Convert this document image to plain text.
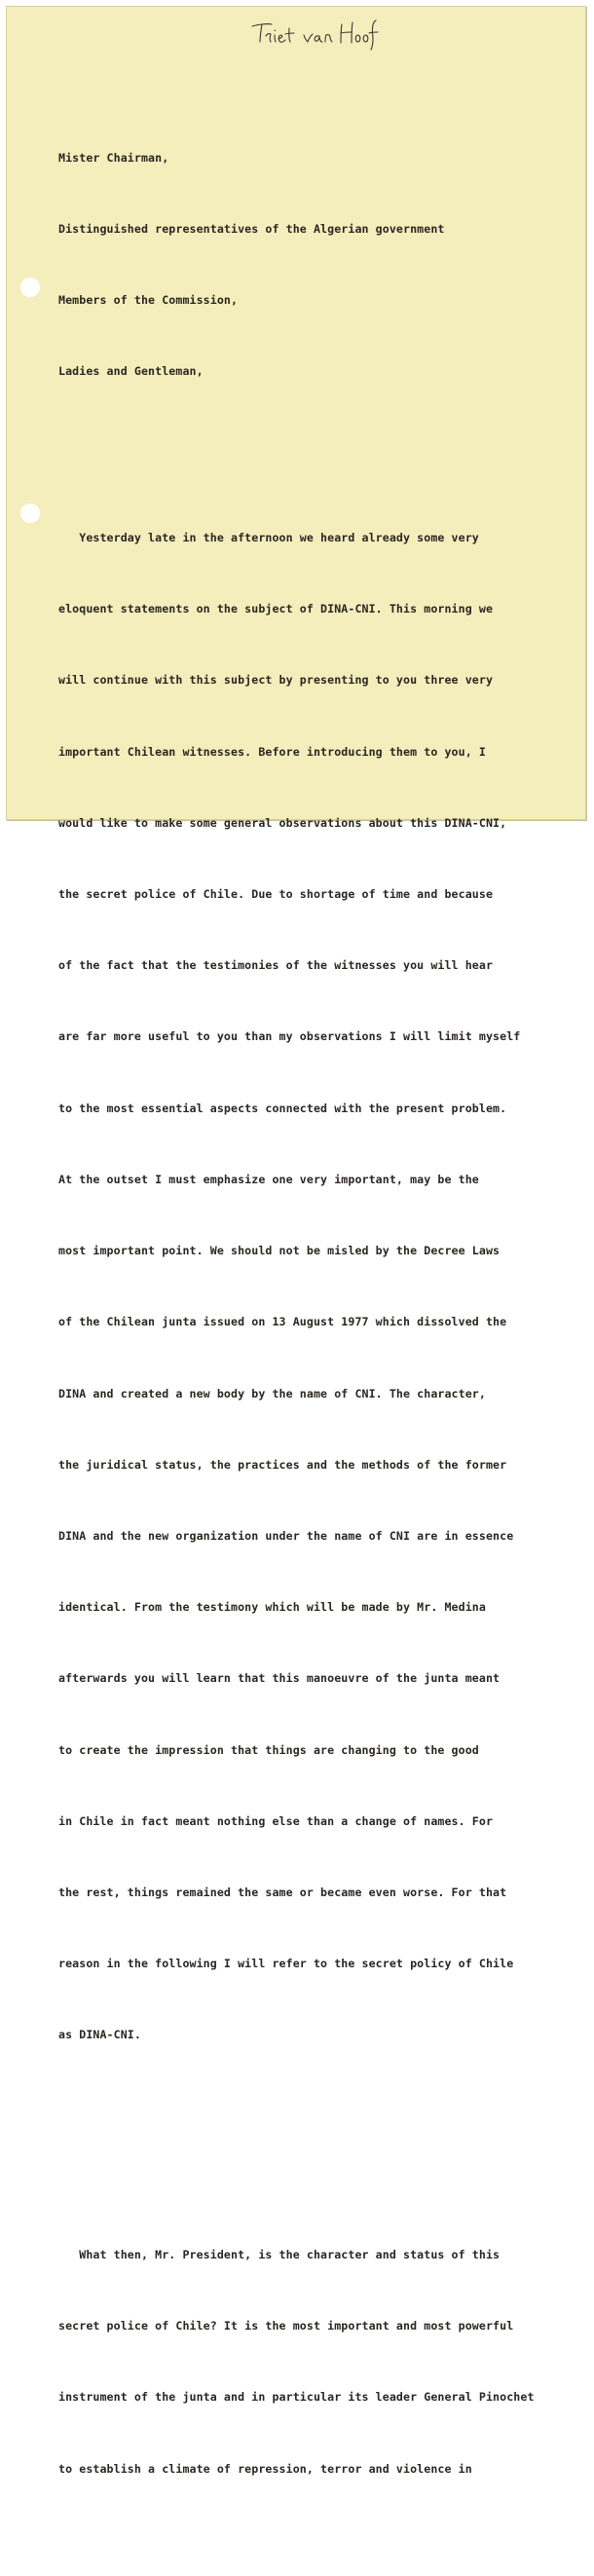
Mister Chairman,

Distinguished representatives of the Algerian government

Members of the Commission,

Ladies and Gentleman,

Yesterday late in the afternoon we heard already some very

eloquent statements on the subject of DINA-CNI. This morning we

will continue with this subject by presenting to you three very

important Chilean witnesses. Before introducing them to you, I

would like to make some general observations about this DINA-CNI,

the secret police of Chile. Due to shortage of time and because

of the fact that the testimonies of the witnesses you will hear

are far more useful to you than my observations I will limit myself

to the most essential aspects connected with the present problem.

At the outset I must emphasize one very important, may be the

most important point. We should not be misled by the Decree Laws

of the Chilean junta issued on 13 August 1977 which dissolved the

DINA and created a new body by the name of CNI. The character,

the juridical status, the practices and the methods of the former

DINA and the new organization under the name of CNI are in essence

identical. From the testimony which will be made by Mr. Medina

afterwards you will learn that this manoeuvre of the junta meant

to create the impression that things are changing to the good

in Chile in fact meant nothing else than a change of names. For

the rest, things remained the same or became even worse. For that

reason in the following I will refer to the secret policy of Chile

as DINA-CNI.

What then, Mr. President, is the character and status of this

secret police of Chile? It is the most important and most powerful

instrument of the junta and in particular its leader General Pinochet

to establish a climate of repression, terror and violence in
